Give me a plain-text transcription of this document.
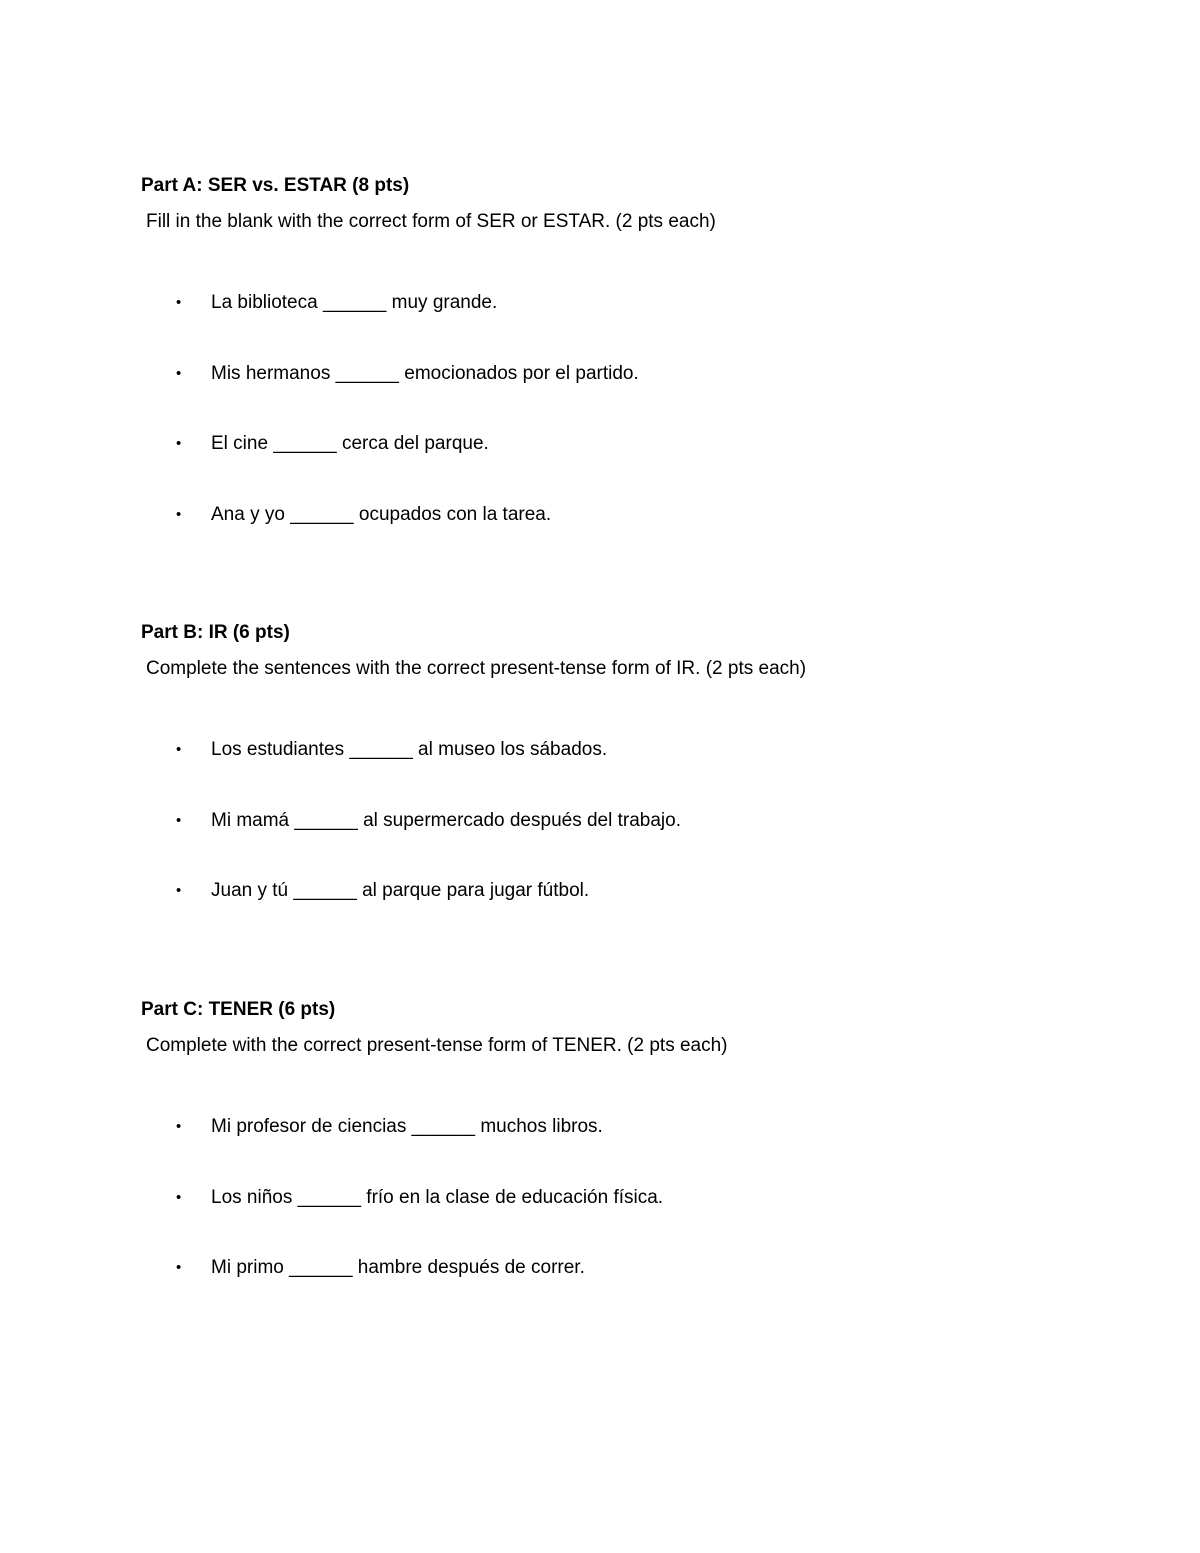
Part A: SER vs. ESTAR (8 pts)

Fill in the blank with the correct form of SER or ESTAR. (2 pts each)

• La biblioteca ______ muy grande.
• Mis hermanos ______ emocionados por el partido.
• El cine ______ cerca del parque.
• Ana y yo ______ ocupados con la tarea.
Part B: IR (6 pts)

Complete the sentences with the correct present-tense form of IR. (2 pts each)

• Los estudiantes ______ al museo los sábados.
• Mi mamá ______ al supermercado después del trabajo.
• Juan y tú ______ al parque para jugar fútbol.
Part C: TENER (6 pts)

Complete with the correct present-tense form of TENER. (2 pts each)

• Mi profesor de ciencias ______ muchos libros.
• Los niños ______ frío en la clase de educación física.
• Mi primo ______ hambre después de correr.
